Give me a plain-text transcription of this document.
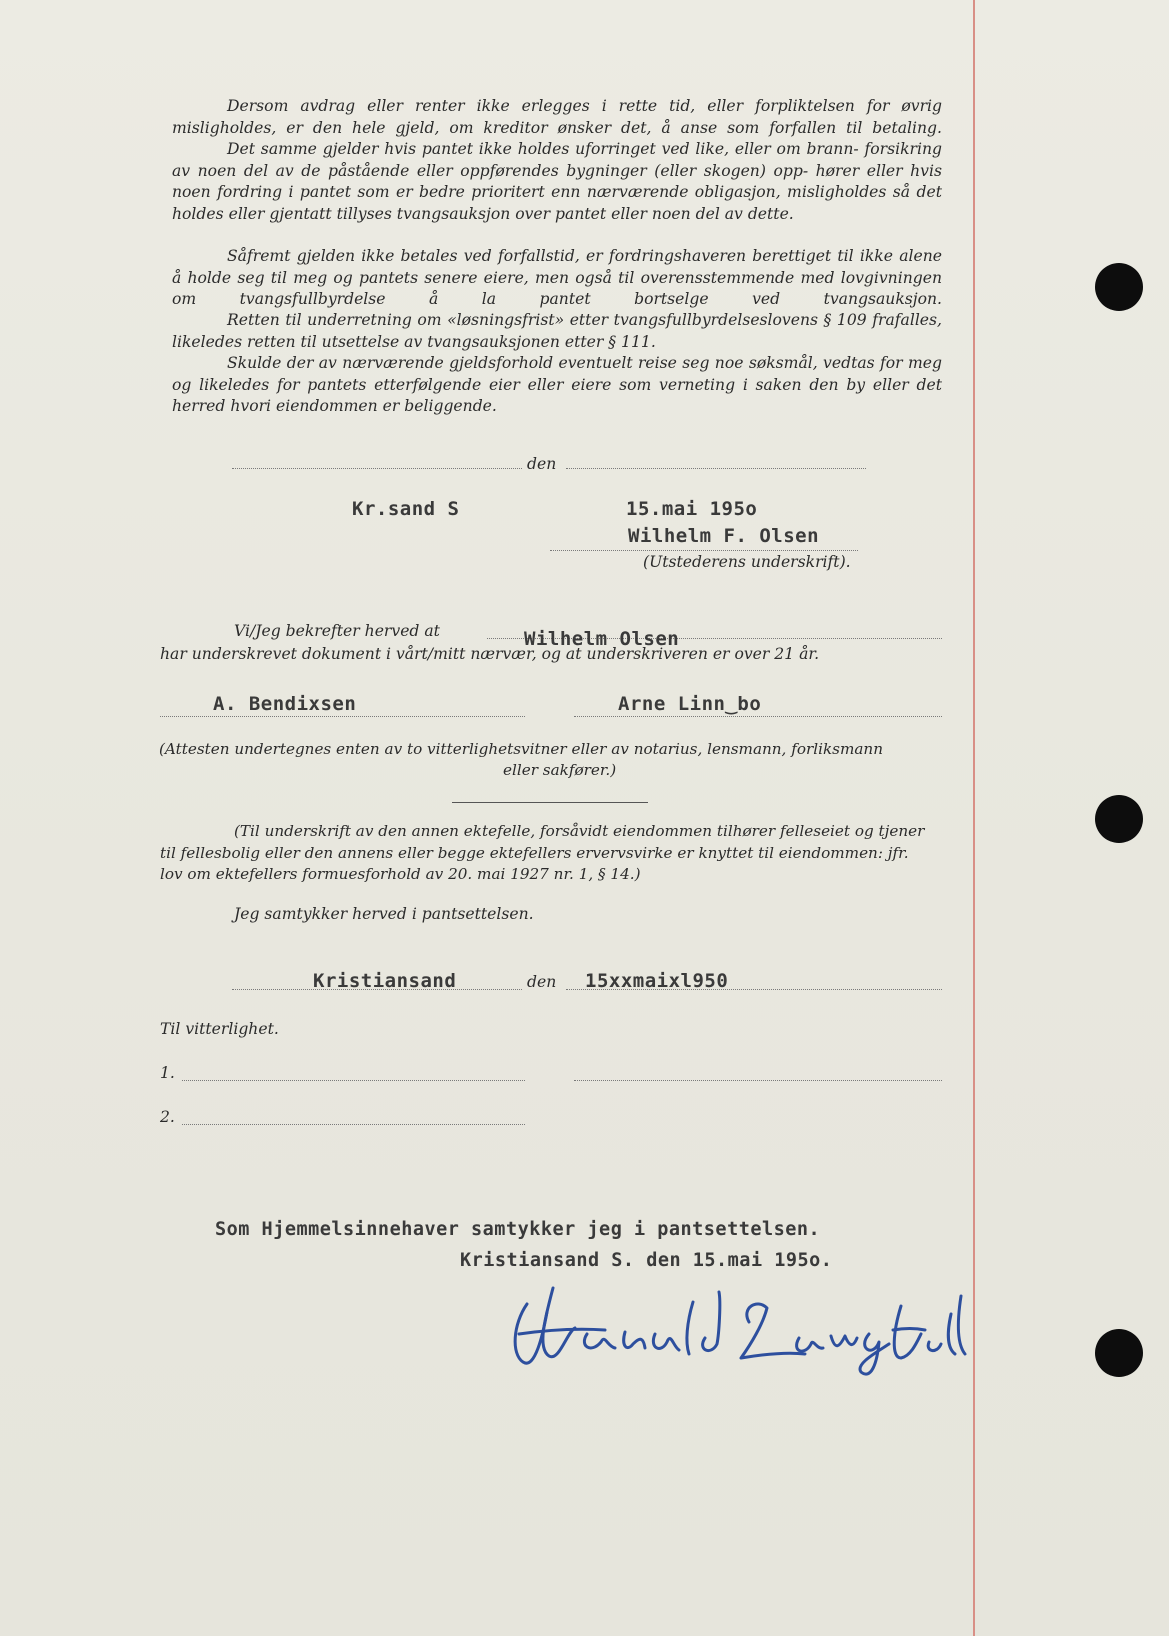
Dersom avdrag eller renter ikke erlegges i rette tid, eller forpliktelsen for øvrig misligholdes, er den hele gjeld, om kreditor ønsker det, å anse som forfallen til betaling.

Det samme gjelder hvis pantet ikke holdes uforringet ved like, eller om brann- forsikring av noen del av de påstående eller oppførendes bygninger (eller skogen) opp- hører eller hvis noen fordring i pantet som er bedre prioritert enn nærværende obligasjon, misligholdes så det holdes eller gjentatt tillyses tvangsauksjon over pantet eller noen del av dette.

Såfremt gjelden ikke betales ved forfallstid, er fordringshaveren berettiget til ikke alene å holde seg til meg og pantets senere eiere, men også til overensstemmende med lovgivningen om tvangsfullbyrdelse å la pantet bortselge ved tvangsauksjon.

Retten til underretning om «løsningsfrist» etter tvangsfullbyrdelseslovens § 109 frafalles, likeledes retten til utsettelse av tvangsauksjonen etter § 111.

Skulde der av nærværende gjeldsforhold eventuelt reise seg noe søksmål, vedtas for meg og likeledes for pantets etterfølgende eier eller eiere som verneting i saken den by eller det herred hvori eiendommen er beliggende.

den
Kr.sand S	15.mai 195o
Wilhelm F. Olsen
(Utstederens underskrift).
Vi/Jeg bekrefter herved at	Wilhelm Olsen
har underskrevet dokument i vårt/mitt nærvær, og at underskriveren er over 21 år.
A. Bendixsen	Arne Linn‿bo
(Attesten undertegnes enten av to vitterlighetsvitner eller av notarius, lensmann, forliksmann
eller sakfører.)
(Til underskrift av den annen ektefelle, forsåvidt eiendommen tilhører felleseiet og tjener
til fellesbolig eller den annens eller begge ektefellers ervervsvirke er knyttet til eiendommen: jfr.
lov om ektefellers formuesforhold av 20. mai 1927 nr. 1, § 14.)
Jeg samtykker herved i pantsettelsen.
Kristiansand	den 15xxmaixl950
Til vitterlighet.
1.
2.
Som Hjemmelsinnehaver samtykker jeg i pantsettelsen.
Kristiansand S. den 15.mai 195o.
